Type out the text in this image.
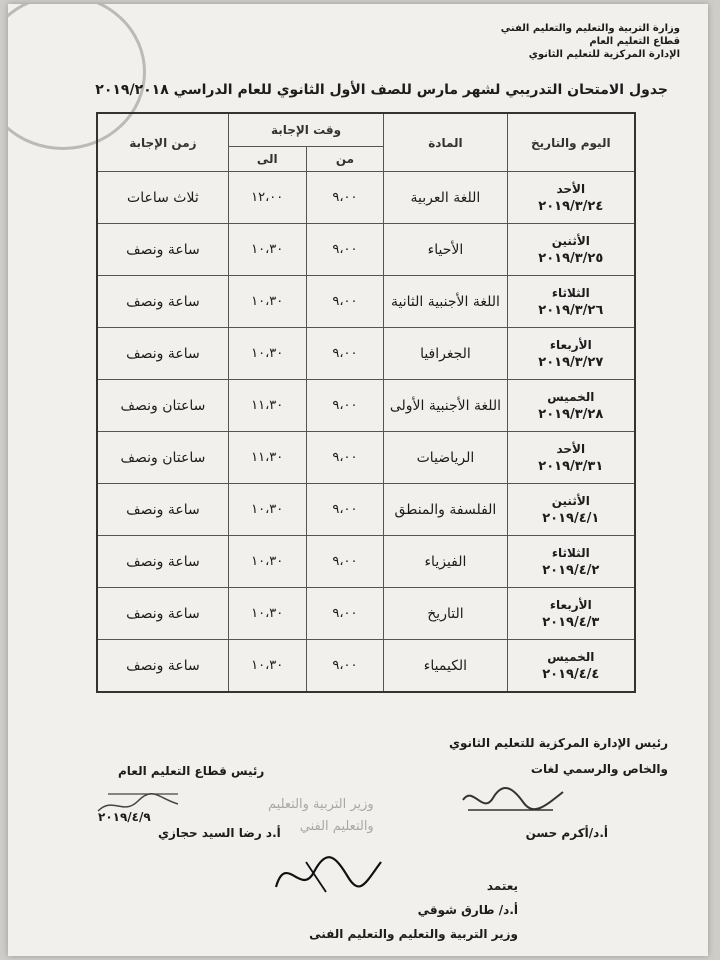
وزارة التربية والتعليم والتعليم الفني
قطاع التعليم العام
الإدارة المركزية للتعليم الثانوي
جدول الامتحان التدريبي لشهر مارس للصف الأول الثانوي للعام الدراسي ٢٠١٩/٢٠١٨
اليوم والتاريخ	المادة	وقت الإجابة		زمن الإجابة
		من	الى	

الأحد
٢٠١٩/٣/٢٤	اللغة العربية	٩،٠٠	١٢،٠٠	ثلاث ساعات

الأثنين
٢٠١٩/٣/٢٥	الأحياء	٩،٠٠	١٠،٣٠	ساعة ونصف

الثلاثاء
٢٠١٩/٣/٢٦	اللغة الأجنبية الثانية	٩،٠٠	١٠،٣٠	ساعة ونصف

الأربعاء
٢٠١٩/٣/٢٧	الجغرافيا	٩،٠٠	١٠،٣٠	ساعة ونصف

الخميس
٢٠١٩/٣/٢٨	اللغة الأجنبية الأولى	٩،٠٠	١١،٣٠	ساعتان ونصف

الأحد
٢٠١٩/٣/٣١	الرياضيات	٩،٠٠	١١،٣٠	ساعتان ونصف

الأثنين
٢٠١٩/٤/١	الفلسفة والمنطق	٩،٠٠	١٠،٣٠	ساعة ونصف

الثلاثاء
٢٠١٩/٤/٢	الفيزياء	٩،٠٠	١٠،٣٠	ساعة ونصف

الأربعاء
٢٠١٩/٤/٣	التاريخ	٩،٠٠	١٠،٣٠	ساعة ونصف

الخميس
٢٠١٩/٤/٤	الكيمياء	٩،٠٠	١٠،٣٠	ساعة ونصف
وزير التربية والتعليم
والتعليم الفني
رئيس الإدارة المركزية للتعليم الثانوي
والخاص والرسمي لغات
أ.د/أكرم حسن
رئيس قطاع التعليم العام
٢٠١٩/٤/٩
أ.د رضا السيد حجازي
يعتمد
أ.د/ طارق شوقي
وزير التربية والتعليم والتعليم الفنى
